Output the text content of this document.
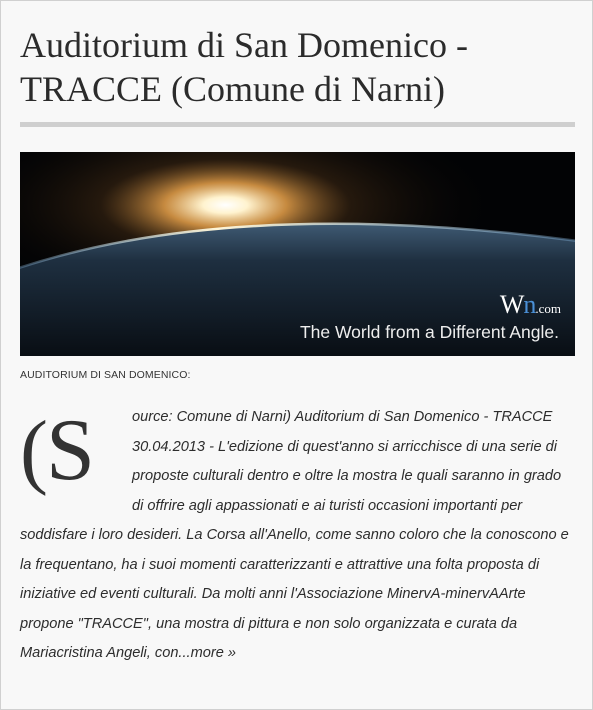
Auditorium di San Domenico - TRACCE (Comune di Narni)
Wn.com
The World from a Different Angle.
AUDITORIUM DI SAN DOMENICO:
(
S	ource: Comune di Narni) Auditorium di San Domenico - TRACCE 30.04.2013 - L'edizione di quest'anno si arricchisce di una serie di proposte culturali dentro e oltre la mostra le quali saranno in grado di offrire agli appassionati e ai turisti occasioni importanti per soddisfare i loro desideri. La Corsa all'Anello, come sanno coloro che la conoscono e la frequentano, ha i suoi momenti caratterizzanti e attrattive una folta proposta di iniziative ed eventi culturali. Da molti anni l'Associazione MinervA-minervAArte propone "TRACCE", una mostra di pittura e non solo organizzata e curata da Mariacristina Angeli, con...more »
